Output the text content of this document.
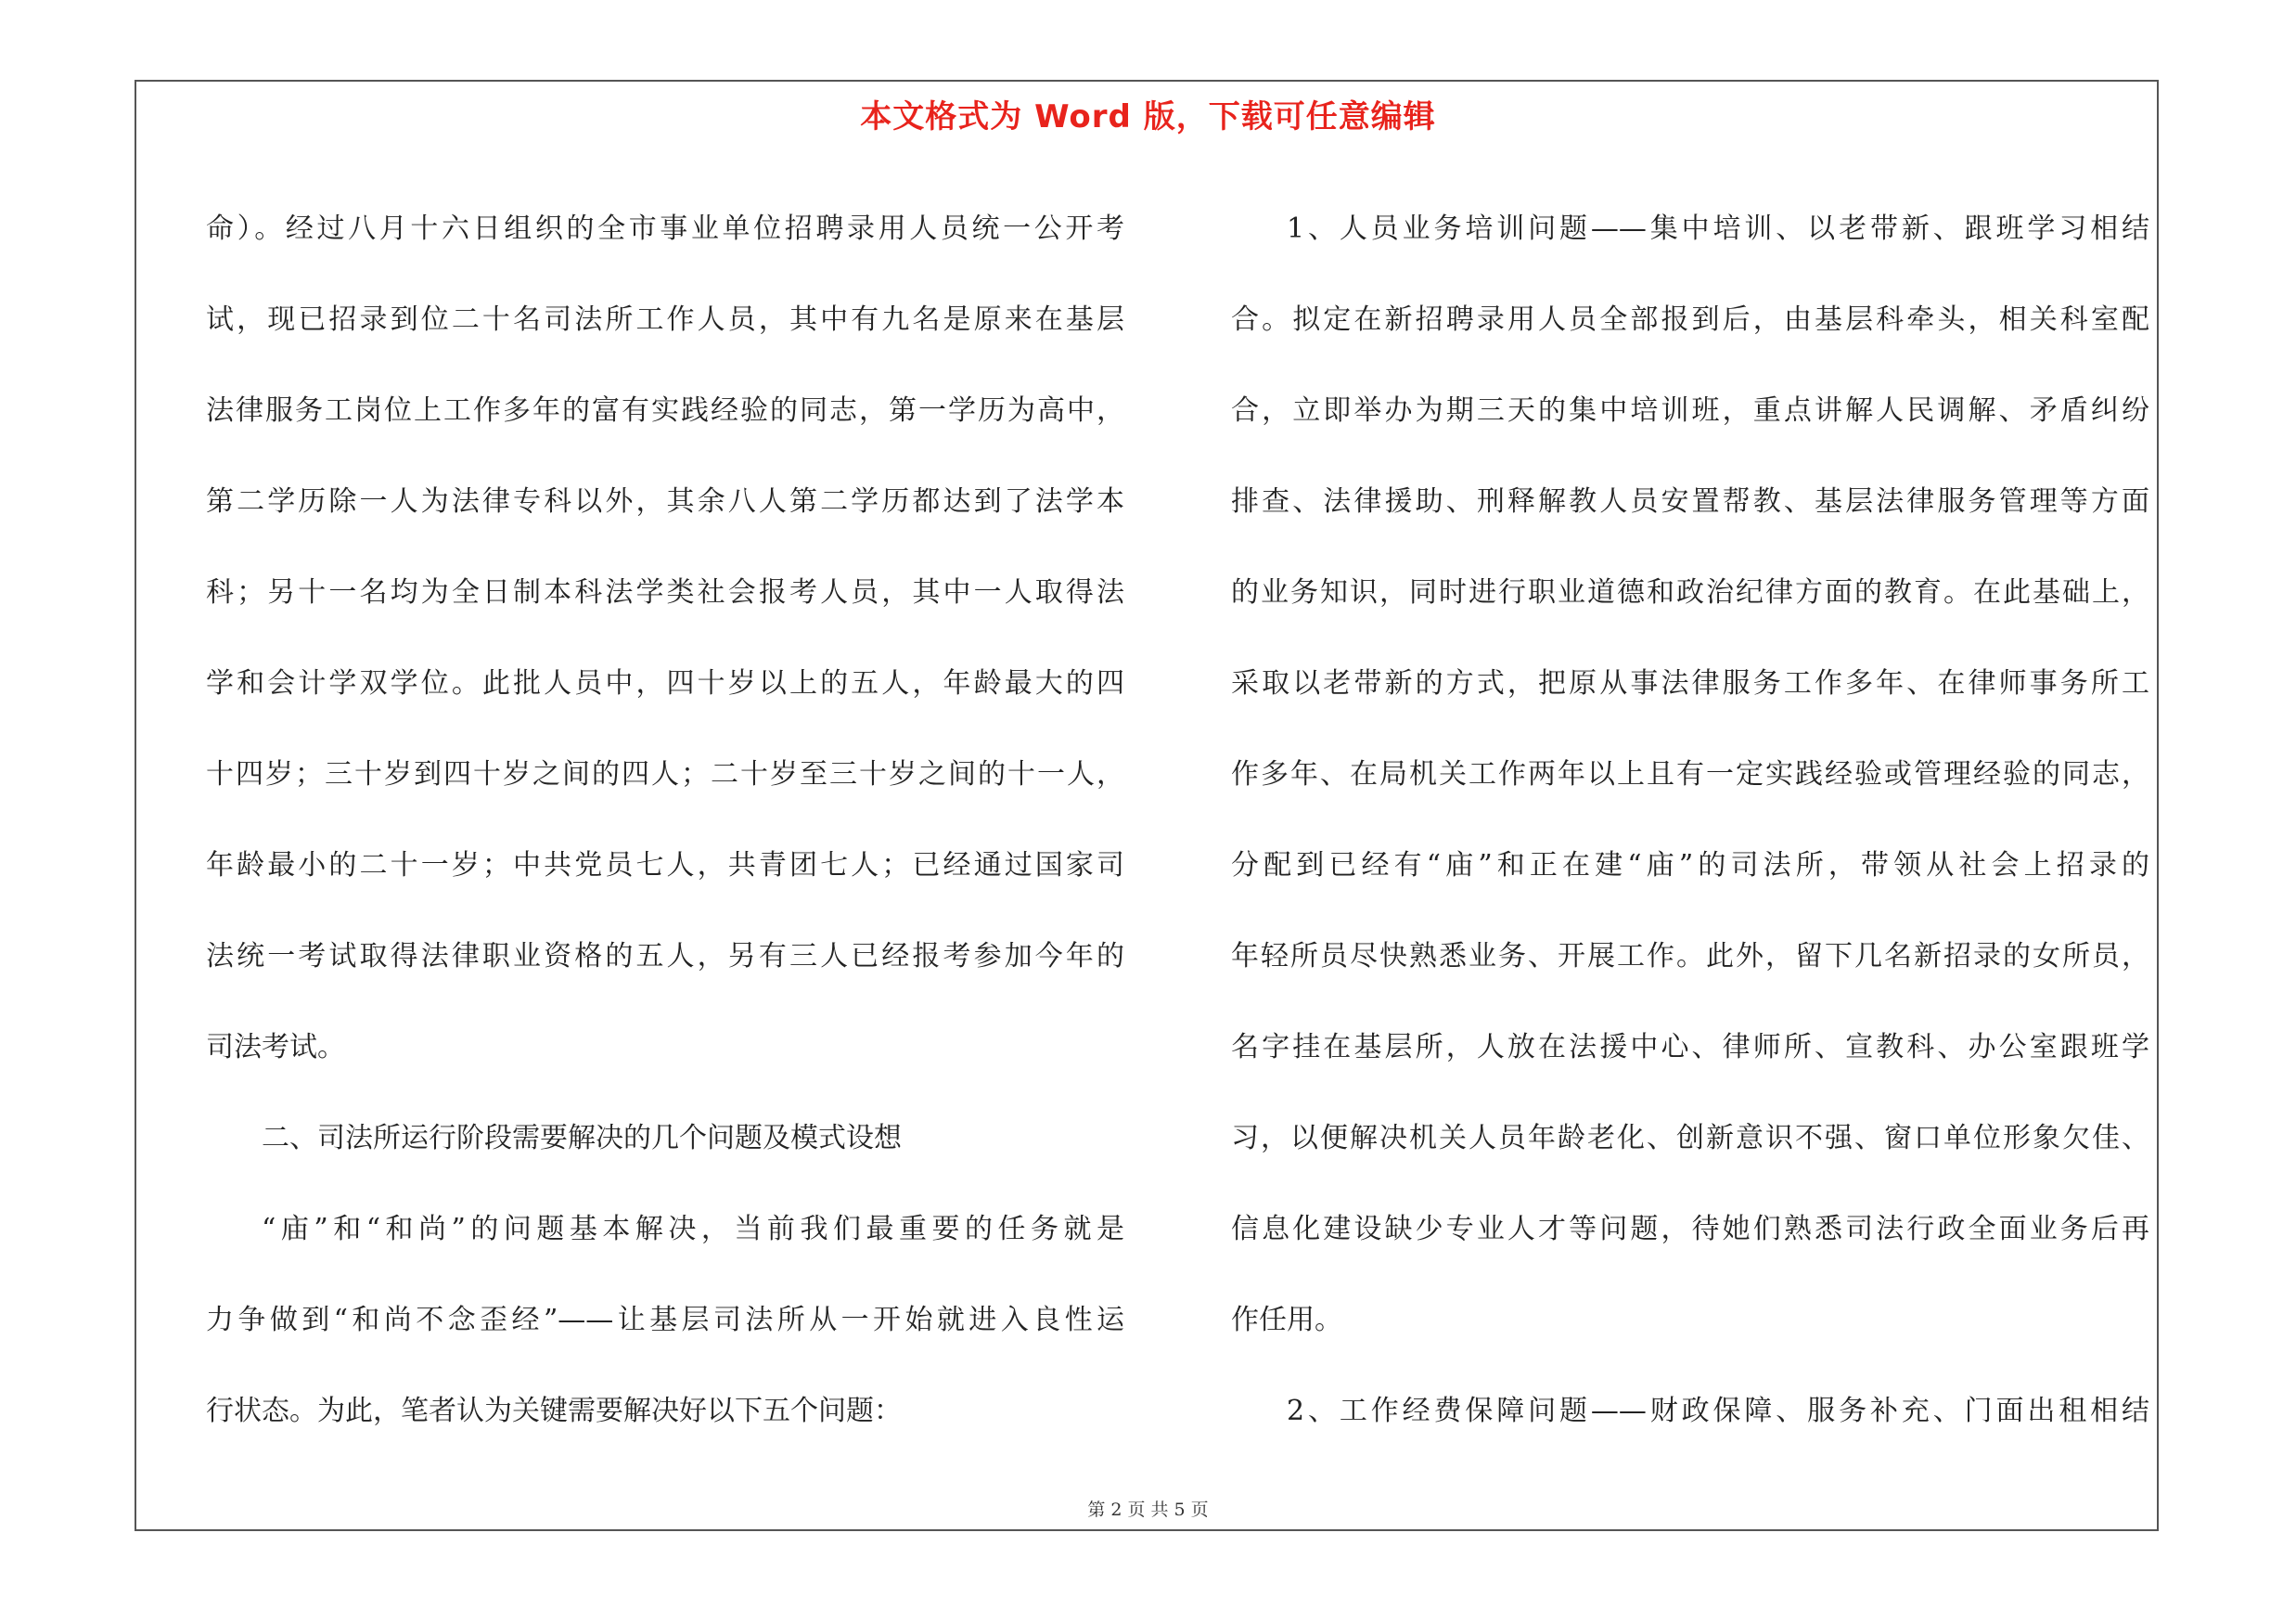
本文格式为 Word 版，下载可任意编辑
命）。经过八月十六日组织的全市事业单位招聘录用人员统一公开考
试，现已招录到位二十名司法所工作人员，其中有九名是原来在基层
法律服务工岗位上工作多年的富有实践经验的同志，第一学历为高中，
第二学历除一人为法律专科以外，其余八人第二学历都达到了法学本
科；另十一名均为全日制本科法学类社会报考人员，其中一人取得法
学和会计学双学位。此批人员中，四十岁以上的五人，年龄最大的四
十四岁；三十岁到四十岁之间的四人；二十岁至三十岁之间的十一人，
年龄最小的二十一岁；中共党员七人，共青团七人；已经通过国家司
法统一考试取得法律职业资格的五人，另有三人已经报考参加今年的
司法考试。
二、司法所运行阶段需要解决的几个问题及模式设想
“庙”和“和尚”的问题基本解决，当前我们最重要的任务就是
力争做到“和尚不念歪经”——让基层司法所从一开始就进入良性运
行状态。为此，笔者认为关键需要解决好以下五个问题：
1、人员业务培训问题——集中培训、以老带新、跟班学习相结
合。拟定在新招聘录用人员全部报到后，由基层科牵头，相关科室配
合，立即举办为期三天的集中培训班，重点讲解人民调解、矛盾纠纷
排查、法律援助、刑释解教人员安置帮教、基层法律服务管理等方面
的业务知识，同时进行职业道德和政治纪律方面的教育。在此基础上，
采取以老带新的方式，把原从事法律服务工作多年、在律师事务所工
作多年、在局机关工作两年以上且有一定实践经验或管理经验的同志，
分配到已经有“庙”和正在建“庙”的司法所，带领从社会上招录的
年轻所员尽快熟悉业务、开展工作。此外，留下几名新招录的女所员，
名字挂在基层所，人放在法援中心、律师所、宣教科、办公室跟班学
习，以便解决机关人员年龄老化、创新意识不强、窗口单位形象欠佳、
信息化建设缺少专业人才等问题，待她们熟悉司法行政全面业务后再
作任用。
2、工作经费保障问题——财政保障、服务补充、门面出租相结
第 2 页 共 5 页
